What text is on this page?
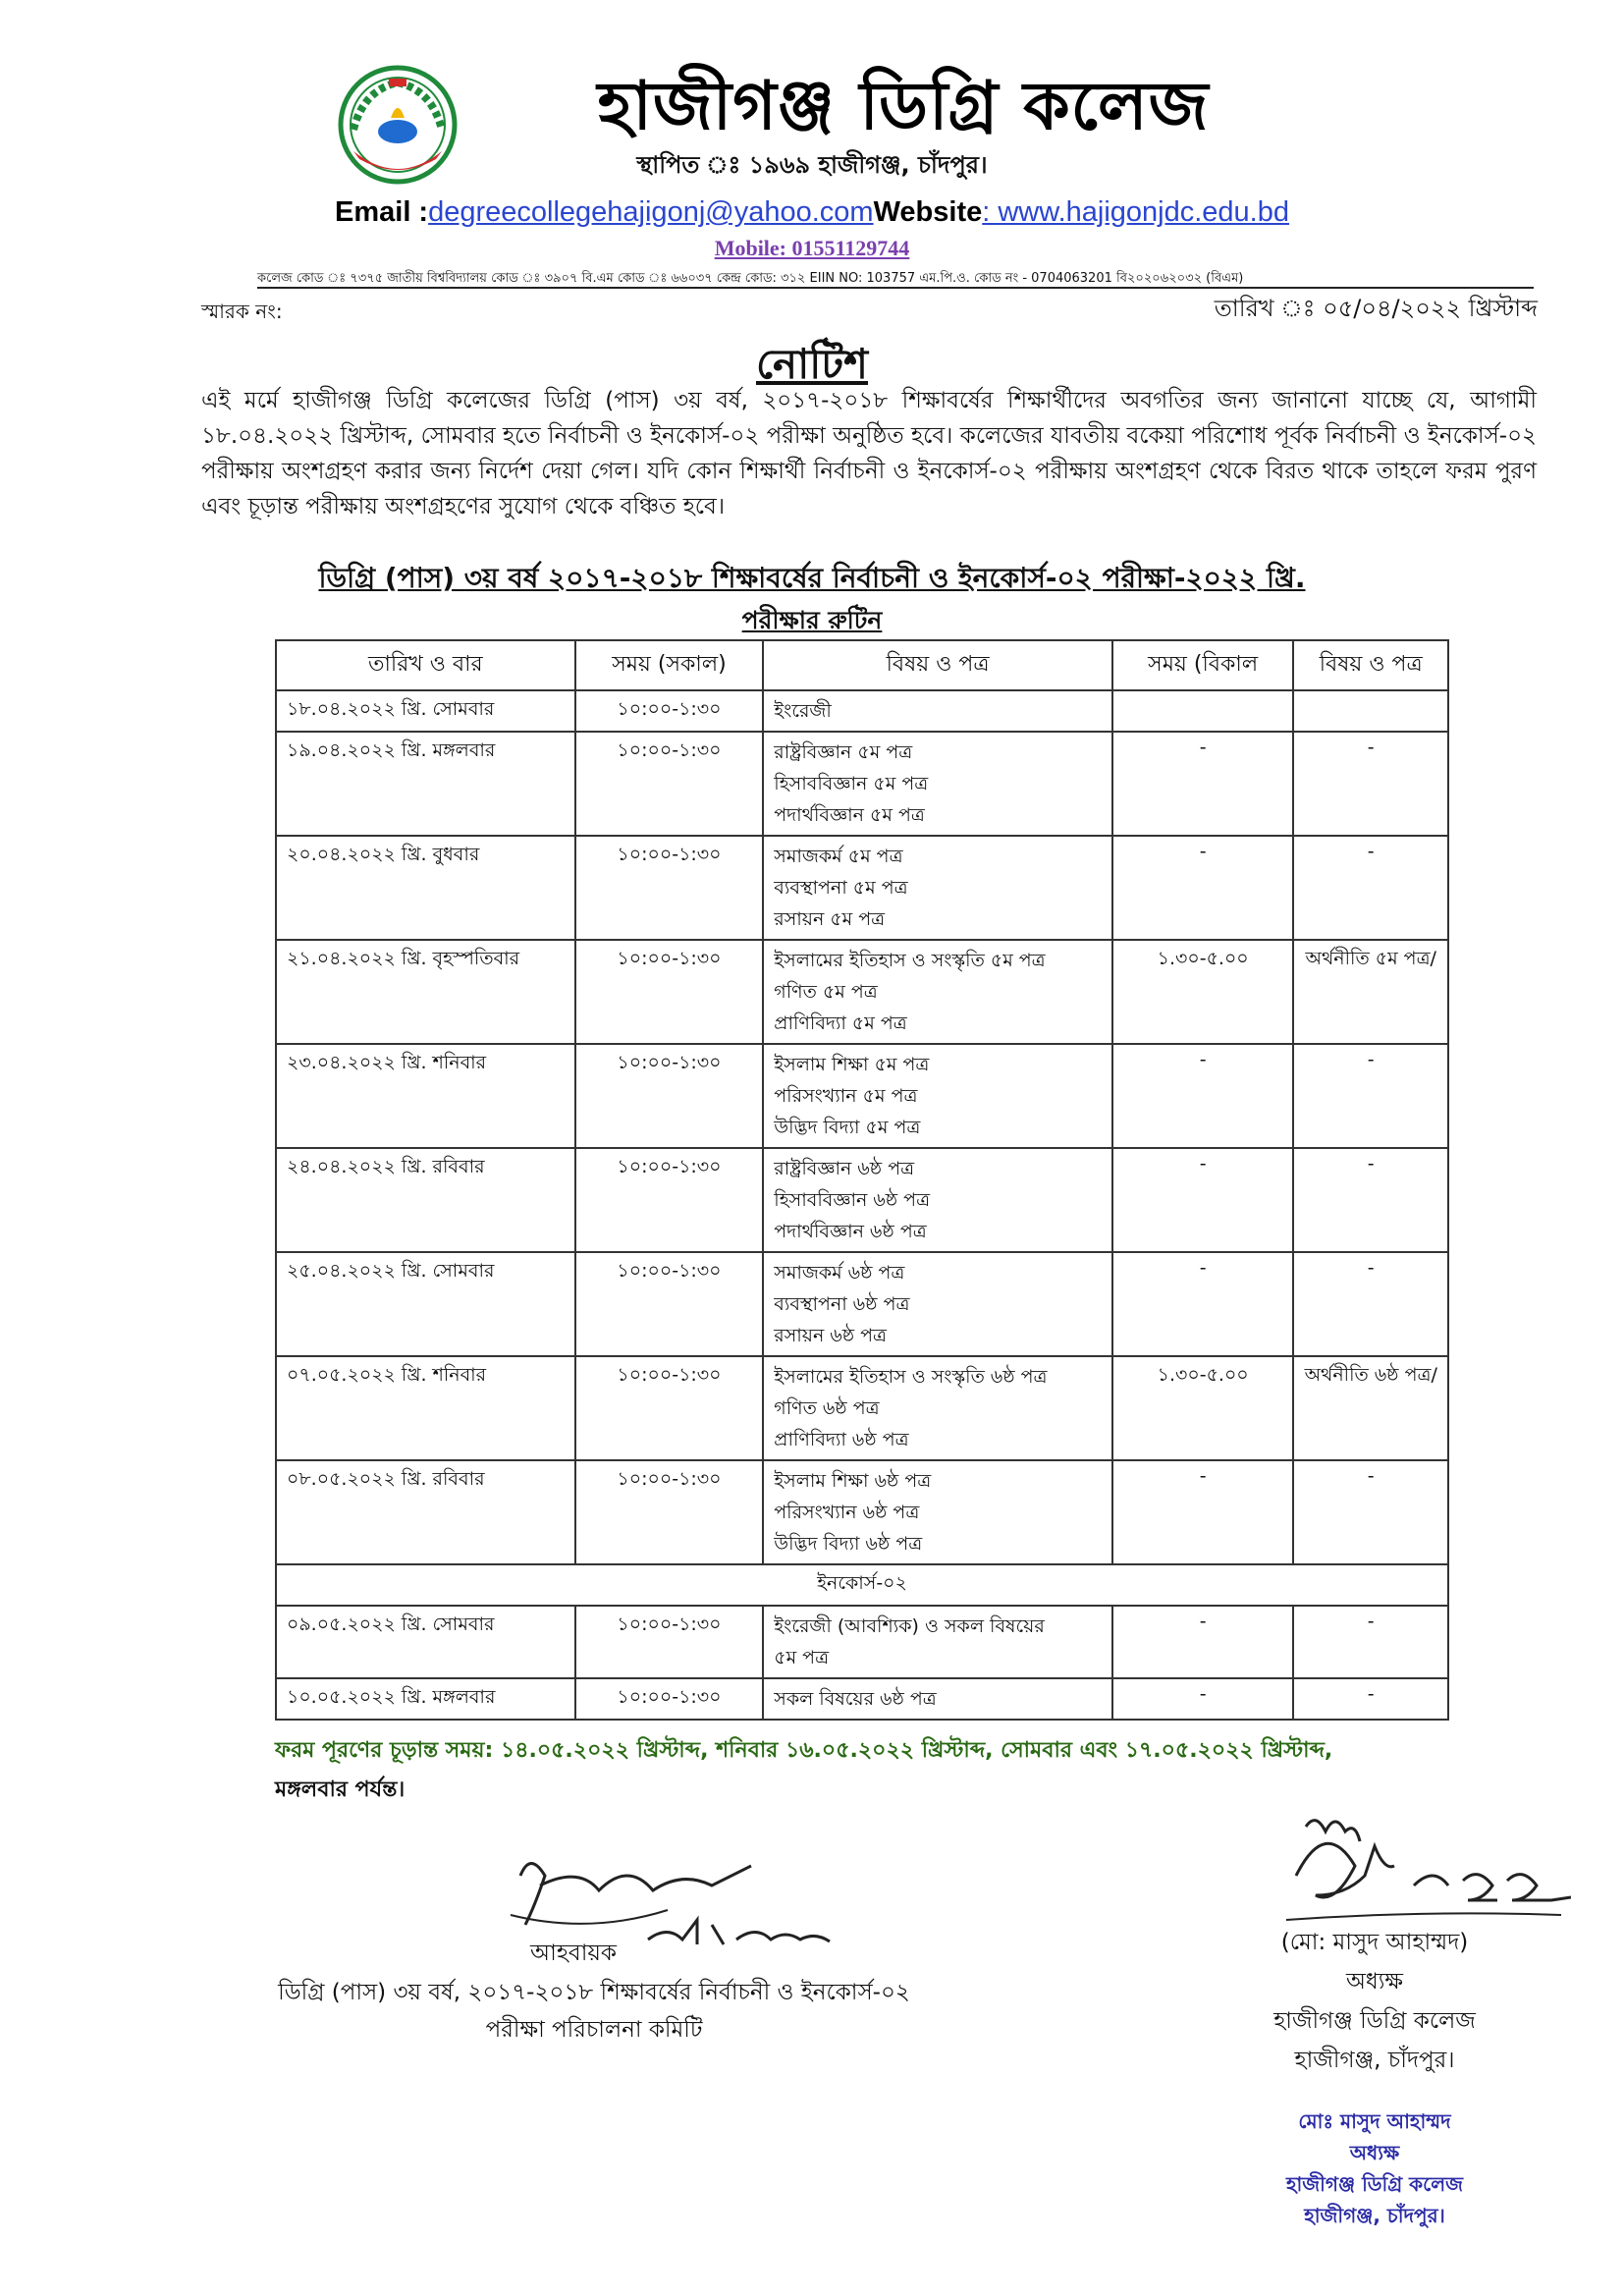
হাজীগঞ্জ ডিগ্রি কলেজ
স্থাপিত ঃ ১৯৬৯ হাজীগঞ্জ, চাঁদপুর।
Email :degreecollegehajigonj@yahoo.comWebsite: www.hajigonjdc.edu.bd
Mobile: 01551129744
কলেজ কোড ঃ ৭৩৭৫ জাতীয় বিশ্ববিদ্যালয় কোড ঃ ৩৯০৭ বি.এম কোড ঃ ৬৬০৩৭ কেন্দ্র কোড: ৩১২ EIIN NO: 103757 এম.পি.ও. কোড নং - 0704063201 বি২০২০৬২০৩২ (বিএম)
স্মারক নং:	তারিখ ঃ ০৫/০৪/২০২২ খ্রিস্টাব্দ
নোটিশ
এই মর্মে হাজীগঞ্জ ডিগ্রি কলেজের ডিগ্রি (পাস) ৩য় বর্ষ, ২০১৭-২০১৮ শিক্ষাবর্ষের শিক্ষার্থীদের অবগতির জন্য জানানো যাচ্ছে যে, আগামী ১৮.০৪.২০২২ খ্রিস্টাব্দ, সোমবার হতে নির্বাচনী ও ইনকোর্স-০২ পরীক্ষা অনুষ্ঠিত হবে। কলেজের যাবতীয় বকেয়া পরিশোধ পূর্বক নির্বাচনী ও ইনকোর্স-০২ পরীক্ষায় অংশগ্রহণ করার জন্য নির্দেশ দেয়া গেল। যদি কোন শিক্ষার্থী নির্বাচনী ও ইনকোর্স-০২ পরীক্ষায় অংশগ্রহণ থেকে বিরত থাকে তাহলে ফরম পুরণ এবং চূড়ান্ত পরীক্ষায় অংশগ্রহণের সুযোগ থেকে বঞ্চিত হবে।
ডিগ্রি (পাস) ৩য় বর্ষ ২০১৭-২০১৮ শিক্ষাবর্ষের নির্বাচনী ও ইনকোর্স-০২ পরীক্ষা-২০২২ খ্রি.
পরীক্ষার রুটিন
তারিখ ও বার	সময় (সকাল)	বিষয় ও পত্র	সময় (বিকাল	বিষয় ও পত্র
১৮.০৪.২০২২ খ্রি. সোমবার	১০:০০-১:৩০	ইংরেজী		

১৯.০৪.২০২২ খ্রি. মঙ্গলবার	১০:০০-১:৩০	রাষ্ট্রবিজ্ঞান ৫ম পত্র
হিসাববিজ্ঞান ৫ম পত্র
পদার্থবিজ্ঞান ৫ম পত্র	-	-
২০.০৪.২০২২ খ্রি. বুধবার	১০:০০-১:৩০	সমাজকর্ম ৫ম পত্র
ব্যবস্থাপনা ৫ম পত্র
রসায়ন ৫ম পত্র	-	-
২১.০৪.২০২২ খ্রি. বৃহস্পতিবার	১০:০০-১:৩০	ইসলামের ইতিহাস ও সংস্কৃতি ৫ম পত্র
গণিত ৫ম পত্র
প্রাণিবিদ্যা ৫ম পত্র	১.৩০-৫.০০	অর্থনীতি ৫ম পত্র/
২৩.০৪.২০২২ খ্রি. শনিবার	১০:০০-১:৩০	ইসলাম শিক্ষা ৫ম পত্র
পরিসংখ্যান ৫ম পত্র
উদ্ভিদ বিদ্যা ৫ম পত্র	-	-
২৪.০৪.২০২২ খ্রি. রবিবার	১০:০০-১:৩০	রাষ্ট্রবিজ্ঞান ৬ষ্ঠ পত্র
হিসাববিজ্ঞান ৬ষ্ঠ পত্র
পদার্থবিজ্ঞান ৬ষ্ঠ পত্র	-	-
২৫.০৪.২০২২ খ্রি. সোমবার	১০:০০-১:৩০	সমাজকর্ম ৬ষ্ঠ পত্র
ব্যবস্থাপনা ৬ষ্ঠ পত্র
রসায়ন ৬ষ্ঠ পত্র	-	-
০৭.০৫.২০২২ খ্রি. শনিবার	১০:০০-১:৩০	ইসলামের ইতিহাস ও সংস্কৃতি ৬ষ্ঠ পত্র
গণিত ৬ষ্ঠ পত্র
প্রাণিবিদ্যা ৬ষ্ঠ পত্র	১.৩০-৫.০০	অর্থনীতি ৬ষ্ঠ পত্র/
০৮.০৫.২০২২ খ্রি. রবিবার	১০:০০-১:৩০	ইসলাম শিক্ষা ৬ষ্ঠ পত্র
পরিসংখ্যান ৬ষ্ঠ পত্র
উদ্ভিদ বিদ্যা ৬ষ্ঠ পত্র	-	-
ইনকোর্স-০২				
০৯.০৫.২০২২ খ্রি. সোমবার	১০:০০-১:৩০	ইংরেজী (আবশ্যিক) ও সকল বিষয়ের
৫ম পত্র	-	-
১০.০৫.২০২২ খ্রি. মঙ্গলবার	১০:০০-১:৩০	সকল বিষয়ের ৬ষ্ঠ পত্র	-	-
ফরম পূরণের চূড়ান্ত সময়: ১৪.০৫.২০২২ খ্রিস্টাব্দ, শনিবার ১৬.০৫.২০২২ খ্রিস্টাব্দ, সোমবার এবং ১৭.০৫.২০২২ খ্রিস্টাব্দ,
মঙ্গলবার পর্যন্ত।
আহবায়ক
ডিগ্রি (পাস) ৩য় বর্ষ, ২০১৭-২০১৮ শিক্ষাবর্ষের নির্বাচনী ও ইনকোর্স-০২
পরীক্ষা পরিচালনা কমিটি
(মো: মাসুদ আহাম্মদ)
অধ্যক্ষ
হাজীগঞ্জ ডিগ্রি কলেজ
হাজীগঞ্জ, চাঁদপুর।
মোঃ মাসুদ আহাম্মদ
অধ্যক্ষ
হাজীগঞ্জ ডিগ্রি কলেজ
হাজীগঞ্জ, চাঁদপুর।
